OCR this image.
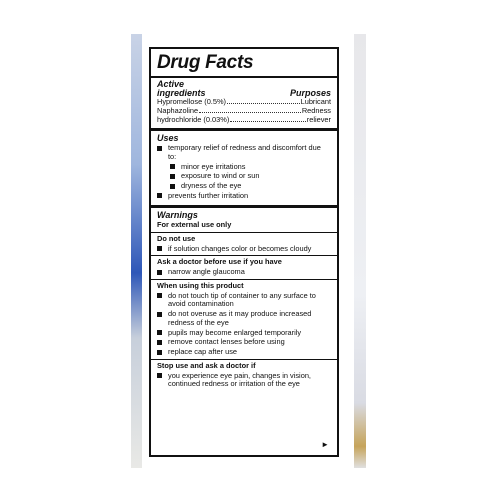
Drug Facts
Active
ingredients	Purposes
Hypromellose (0.5%)	Lubricant
Naphazoline	Redness
hydrochloride (0.03%)	reliever
Uses
temporary relief of redness and discomfort due to:
minor eye irritations
exposure to wind or sun
dryness of the eye
prevents further irritation
Warnings
For external use only
Do not use
if solution changes color or becomes cloudy
Ask a doctor before use if you have
narrow angle glaucoma
When using this product
do not touch tip of container to any surface to avoid contamination
do not overuse as it may produce increased redness of the eye
pupils may become enlarged temporarily
remove contact lenses before using
replace cap after use
Stop use and ask a doctor if
you experience eye pain, changes in vision, continued redness or irritation of the eye
►
